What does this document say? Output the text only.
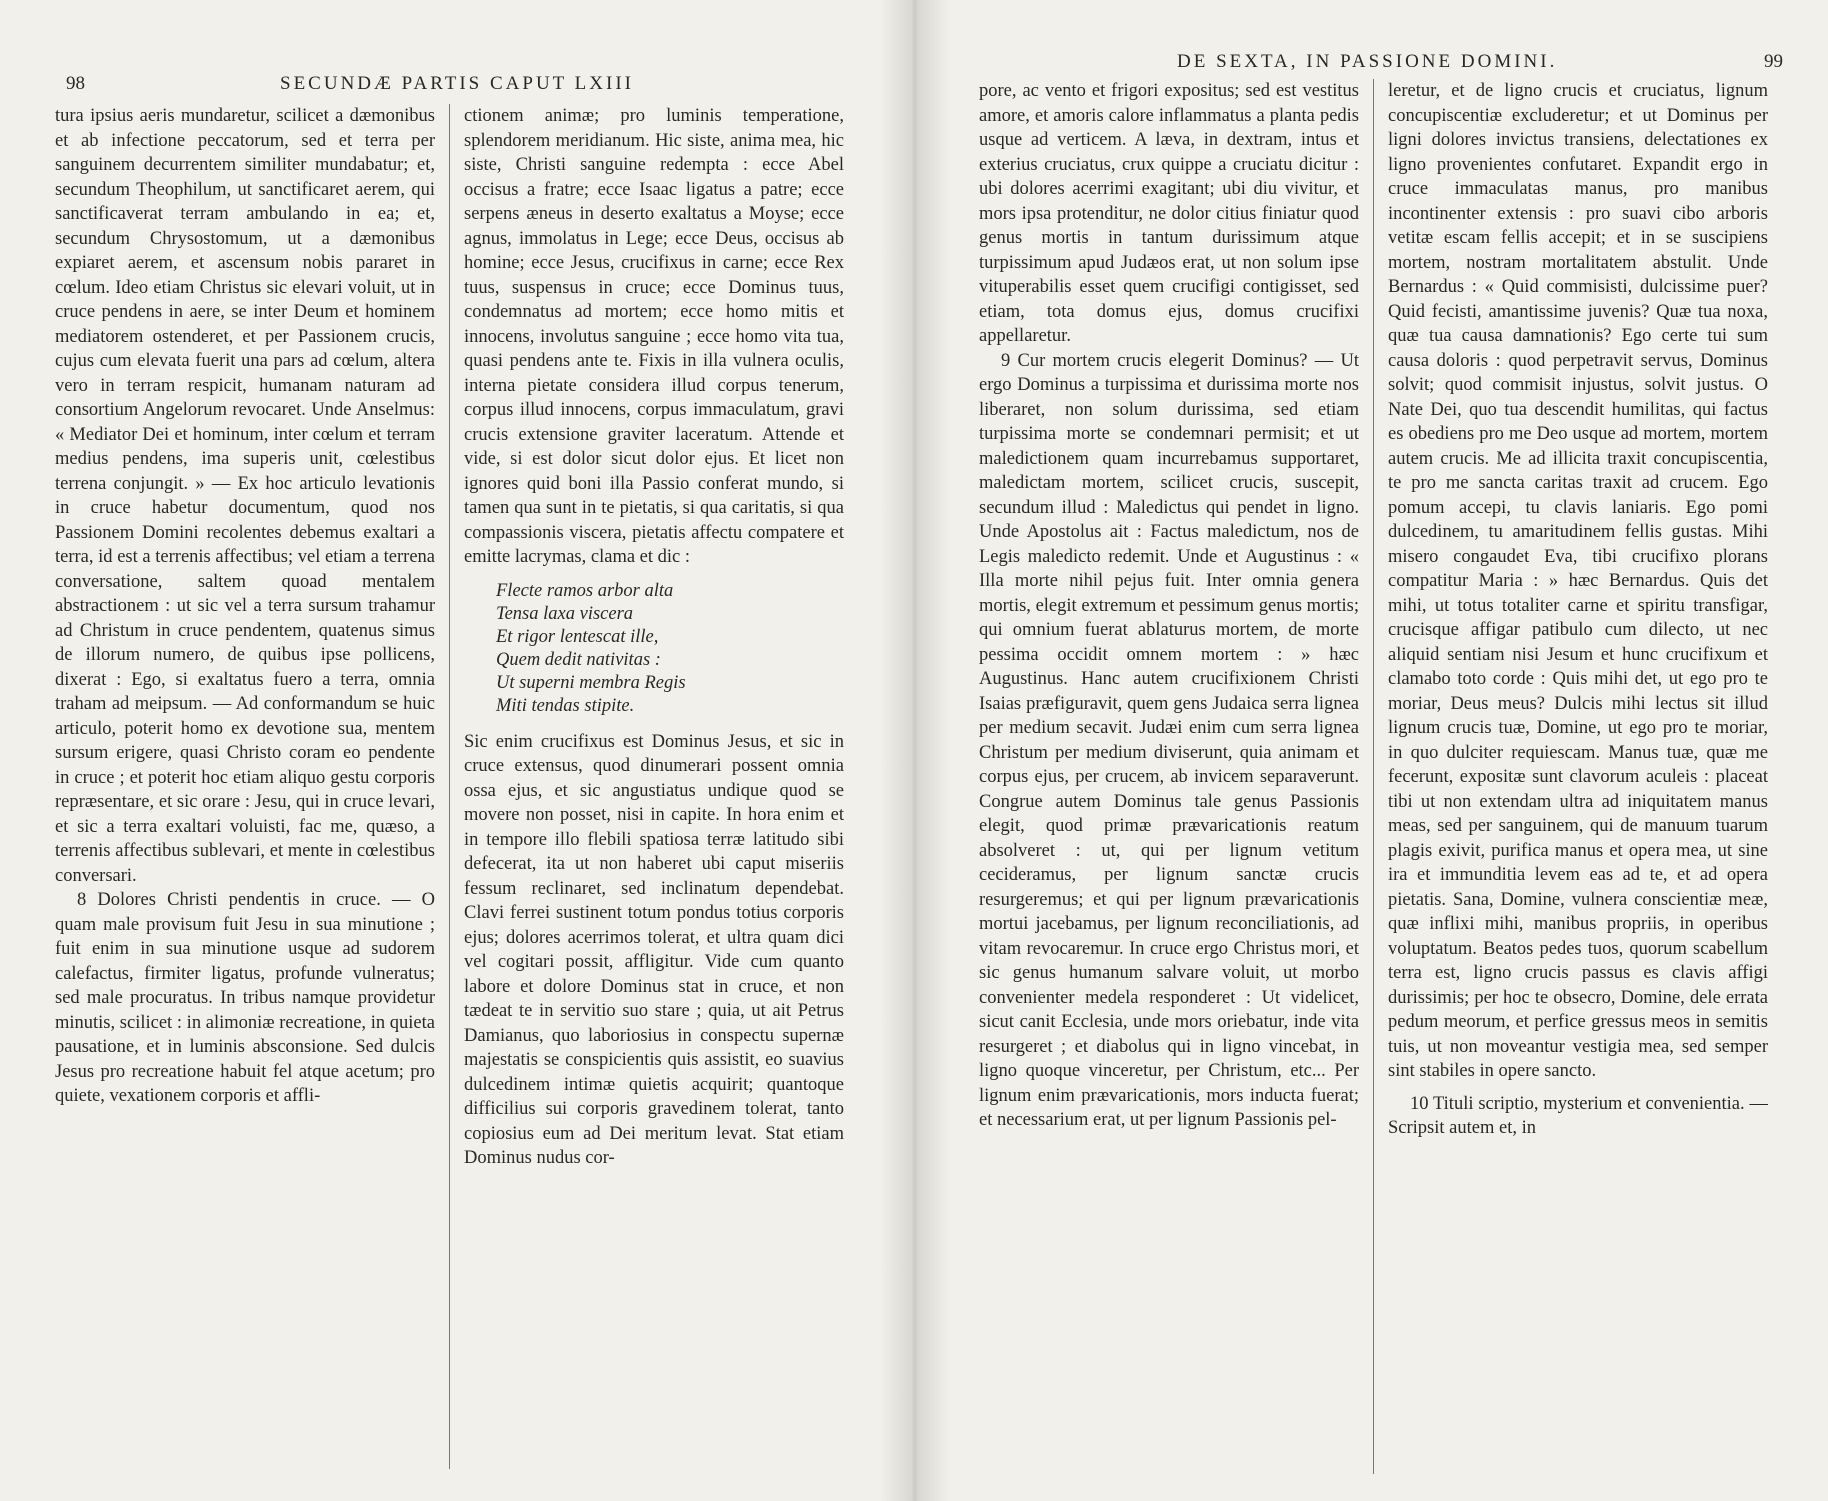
98	SECUNDÆ PARTIS CAPUT LXIII

tura ipsius aeris mundaretur, scilicet a dæmonibus et ab infectione peccatorum, sed et terra per sanguinem decurrentem similiter mundabatur; et, secundum Theophilum, ut sanctificaret aerem, qui sanctificaverat terram ambulando in ea; et, secundum Chrysostomum, ut a dæmonibus expiaret aerem, et ascensum nobis pararet in cœlum. Ideo etiam Christus sic elevari voluit, ut in cruce pendens in aere, se inter Deum et hominem mediatorem ostenderet, et per Passionem crucis, cujus cum elevata fuerit una pars ad cœlum, altera vero in terram respicit, humanam naturam ad consortium Angelorum revocaret. Unde Anselmus: « Mediator Dei et hominum, inter cœlum et terram medius pendens, ima superis unit, cœlestibus terrena conjungit. » — Ex hoc articulo levationis in cruce habetur documentum, quod nos Passionem Domini recolentes debemus exaltari a terra, id est a terrenis affectibus; vel etiam a terrena conversatione, saltem quoad mentalem abstractionem : ut sic vel a terra sursum trahamur ad Christum in cruce pendentem, quatenus simus de illorum numero, de quibus ipse pollicens, dixerat : Ego, si exaltatus fuero a terra, omnia traham ad meipsum. — Ad conformandum se huic articulo, poterit homo ex devotione sua, mentem sursum erigere, quasi Christo coram eo pendente in cruce ; et poterit hoc etiam aliquo gestu corporis repræsentare, et sic orare : Jesu, qui in cruce levari, et sic a terra exaltari voluisti, fac me, quæso, a terrenis affectibus sublevari, et mente in cœlestibus conversari.

8 Dolores Christi pendentis in cruce. — O quam male provisum fuit Jesu in sua minutione ; fuit enim in sua minutione usque ad sudorem calefactus, firmiter ligatus, profunde vulneratus; sed male procuratus. In tribus namque providetur minutis, scilicet : in alimoniæ recreatione, in quieta pausatione, et in luminis absconsione. Sed dulcis Jesus pro recreatione habuit fel atque acetum; pro quiete, vexationem corporis et affli-

ctionem animæ; pro luminis temperatione, splendorem meridianum. Hic siste, anima mea, hic siste, Christi sanguine redempta : ecce Abel occisus a fratre; ecce Isaac ligatus a patre; ecce serpens æneus in deserto exaltatus a Moyse; ecce agnus, immolatus in Lege; ecce Deus, occisus ab homine; ecce Jesus, crucifixus in carne; ecce Rex tuus, suspensus in cruce; ecce Dominus tuus, condemnatus ad mortem; ecce homo mitis et innocens, involutus sanguine ; ecce homo vita tua, quasi pendens ante te. Fixis in illa vulnera oculis, interna pietate considera illud corpus tenerum, corpus illud innocens, corpus immaculatum, gravi crucis extensione graviter laceratum. Attende et vide, si est dolor sicut dolor ejus. Et licet non ignores quid boni illa Passio conferat mundo, si tamen qua sunt in te pietatis, si qua caritatis, si qua compassionis viscera, pietatis affectu compatere et emitte lacrymas, clama et dic :

Flecte ramos arbor alta
Tensa laxa viscera
Et rigor lentescat ille,
Quem dedit nativitas :
Ut superni membra Regis
Miti tendas stipite.

Sic enim crucifixus est Dominus Jesus, et sic in cruce extensus, quod dinumerari possent omnia ossa ejus, et sic angustiatus undique quod se movere non posset, nisi in capite. In hora enim et in tempore illo flebili spatiosa terræ latitudo sibi defecerat, ita ut non haberet ubi caput miseriis fessum reclinaret, sed inclinatum dependebat. Clavi ferrei sustinent totum pondus totius corporis ejus; dolores acerrimos tolerat, et ultra quam dici vel cogitari possit, affligitur. Vide cum quanto labore et dolore Dominus stat in cruce, et non tædeat te in servitio suo stare ; quia, ut ait Petrus Damianus, quo laboriosius in conspectu supernæ majestatis se conspicientis quis assistit, eo suavius dulcedinem intimæ quietis acquirit; quantoque difficilius sui corporis gravedinem tolerat, tanto copiosius eum ad Dei meritum levat. Stat etiam Dominus nudus cor-

DE SEXTA, IN PASSIONE DOMINI.	99

pore, ac vento et frigori expositus; sed est vestitus amore, et amoris calore inflammatus a planta pedis usque ad verticem. A læva, in dextram, intus et exterius cruciatus, crux quippe a cruciatu dicitur : ubi dolores acerrimi exagitant; ubi diu vivitur, et mors ipsa protenditur, ne dolor citius finiatur quod genus mortis in tantum durissimum atque turpissimum apud Judæos erat, ut non solum ipse vituperabilis esset quem crucifigi contigisset, sed etiam, tota domus ejus, domus crucifixi appellaretur.

9 Cur mortem crucis elegerit Dominus? — Ut ergo Dominus a turpissima et durissima morte nos liberaret, non solum durissima, sed etiam turpissima morte se condemnari permisit; et ut maledictionem quam incurrebamus supportaret, maledictam mortem, scilicet crucis, suscepit, secundum illud : Maledictus qui pendet in ligno. Unde Apostolus ait : Factus maledictum, nos de Legis maledicto redemit. Unde et Augustinus : « Illa morte nihil pejus fuit. Inter omnia genera mortis, elegit extremum et pessimum genus mortis; qui omnium fuerat ablaturus mortem, de morte pessima occidit omnem mortem : » hæc Augustinus. Hanc autem crucifixionem Christi Isaias præfiguravit, quem gens Judaica serra lignea per medium secavit. Judæi enim cum serra lignea Christum per medium diviserunt, quia animam et corpus ejus, per crucem, ab invicem separaverunt. Congrue autem Dominus tale genus Passionis elegit, quod primæ prævaricationis reatum absolveret : ut, qui per lignum vetitum cecideramus, per lignum sanctæ crucis resurgeremus; et qui per lignum prævaricationis mortui jacebamus, per lignum reconciliationis, ad vitam revocaremur. In cruce ergo Christus mori, et sic genus humanum salvare voluit, ut morbo convenienter medela responderet : Ut videlicet, sicut canit Ecclesia, unde mors oriebatur, inde vita resurgeret ; et diabolus qui in ligno vincebat, in ligno quoque vinceretur, per Christum, etc... Per lignum enim prævaricationis, mors inducta fuerat; et necessarium erat, ut per lignum Passionis pel-

leretur, et de ligno crucis et cruciatus, lignum concupiscentiæ excluderetur; et ut Dominus per ligni dolores invictus transiens, delectationes ex ligno provenientes confutaret. Expandit ergo in cruce immaculatas manus, pro manibus incontinenter extensis : pro suavi cibo arboris vetitæ escam fellis accepit; et in se suscipiens mortem, nostram mortalitatem abstulit. Unde Bernardus : « Quid commisisti, dulcissime puer? Quid fecisti, amantissime juvenis? Quæ tua noxa, quæ tua causa damnationis? Ego certe tui sum causa doloris : quod perpetravit servus, Dominus solvit; quod commisit injustus, solvit justus. O Nate Dei, quo tua descendit humilitas, qui factus es obediens pro me Deo usque ad mortem, mortem autem crucis. Me ad illicita traxit concupiscentia, te pro me sancta caritas traxit ad crucem. Ego pomum accepi, tu clavis laniaris. Ego pomi dulcedinem, tu amaritudinem fellis gustas. Mihi misero congaudet Eva, tibi crucifixo plorans compatitur Maria : » hæc Bernardus. Quis det mihi, ut totus totaliter carne et spiritu transfigar, crucisque affigar patibulo cum dilecto, ut nec aliquid sentiam nisi Jesum et hunc crucifixum et clamabo toto corde : Quis mihi det, ut ego pro te moriar, Deus meus? Dulcis mihi lectus sit illud lignum crucis tuæ, Domine, ut ego pro te moriar, in quo dulciter requiescam. Manus tuæ, quæ me fecerunt, expositæ sunt clavorum aculeis : placeat tibi ut non extendam ultra ad iniquitatem manus meas, sed per sanguinem, qui de manuum tuarum plagis exivit, purifica manus et opera mea, ut sine ira et immunditia levem eas ad te, et ad opera pietatis. Sana, Domine, vulnera conscientiæ meæ, quæ inflixi mihi, manibus propriis, in operibus voluptatum. Beatos pedes tuos, quorum scabellum terra est, ligno crucis passus es clavis affigi durissimis; per hoc te obsecro, Domine, dele errata pedum meorum, et perfice gressus meos in semitis tuis, ut non moveantur vestigia mea, sed semper sint stabiles in opere sancto.

10 Tituli scriptio, mysterium et convenientia. — Scripsit autem et, in
